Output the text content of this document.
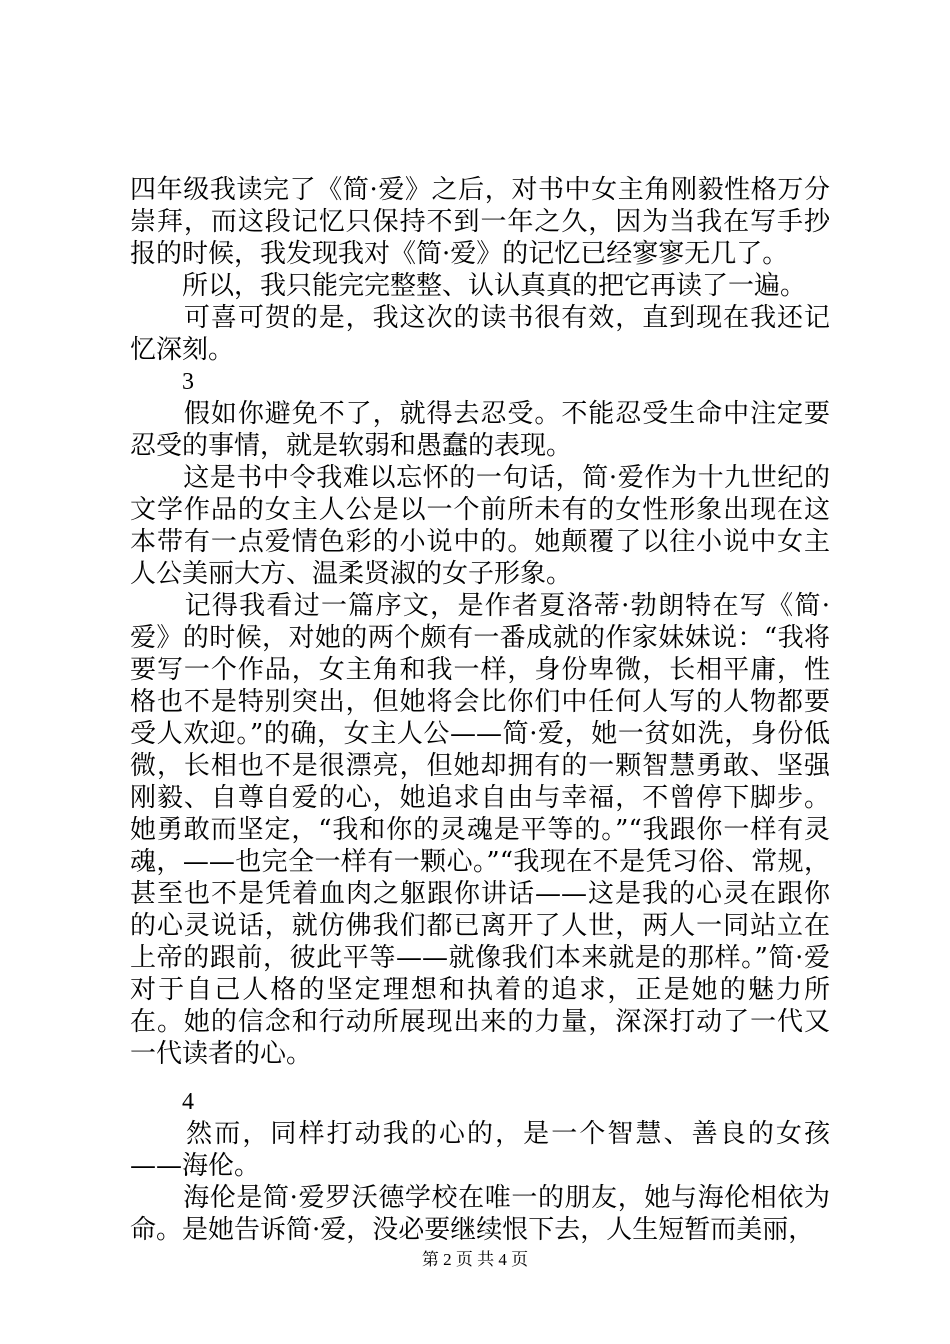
四年级我读完了《简·爱》之后，对书中女主角刚毅性格万分崇拜，而这段记忆只保持不到一年之久，因为当我在写手抄报的时候，我发现我对《简·爱》的记忆已经寥寥无几了。

　　所以，我只能完完整整、认认真真的把它再读了一遍。

　　可喜可贺的是，我这次的读书很有效，直到现在我还记忆深刻。

3

　　假如你避免不了，就得去忍受。不能忍受生命中注定要忍受的事情，就是软弱和愚蠢的表现。

　　这是书中令我难以忘怀的一句话，简·爱作为十九世纪的文学作品的女主人公是以一个前所未有的女性形象出现在这本带有一点爱情色彩的小说中的。她颠覆了以往小说中女主人公美丽大方、温柔贤淑的女子形象。

　　记得我看过一篇序文，是作者夏洛蒂·勃朗特在写《简·爱》的时候，对她的两个颇有一番成就的作家妹妹说：“我将要写一个作品，女主角和我一样，身份卑微，长相平庸，性格也不是特别突出，但她将会比你们中任何人写的人物都要受人欢迎。”的确，女主人公——简·爱，她一贫如洗，身份低微，长相也不是很漂亮，但她却拥有的一颗智慧勇敢、坚强刚毅、自尊自爱的心，她追求自由与幸福，不曾停下脚步。她勇敢而坚定，“我和你的灵魂是平等的。”“我跟你一样有灵魂，——也完全一样有一颗心。”“我现在不是凭习俗、常规，甚至也不是凭着血肉之躯跟你讲话——这是我的心灵在跟你的心灵说话，就仿佛我们都已离开了人世，两人一同站立在上帝的跟前，彼此平等——就像我们本来就是的那样。”简·爱对于自己人格的坚定理想和执着的追求，正是她的魅力所在。她的信念和行动所展现出来的力量，深深打动了一代又一代读者的心。

4

　　然而，同样打动我的心的，是一个智慧、善良的女孩——海伦。

　　海伦是简·爱罗沃德学校在唯一的朋友，她与海伦相依为命。是她告诉简·爱，没必要继续恨下去，人生短暂而美丽，

第 2 页 共 4 页
